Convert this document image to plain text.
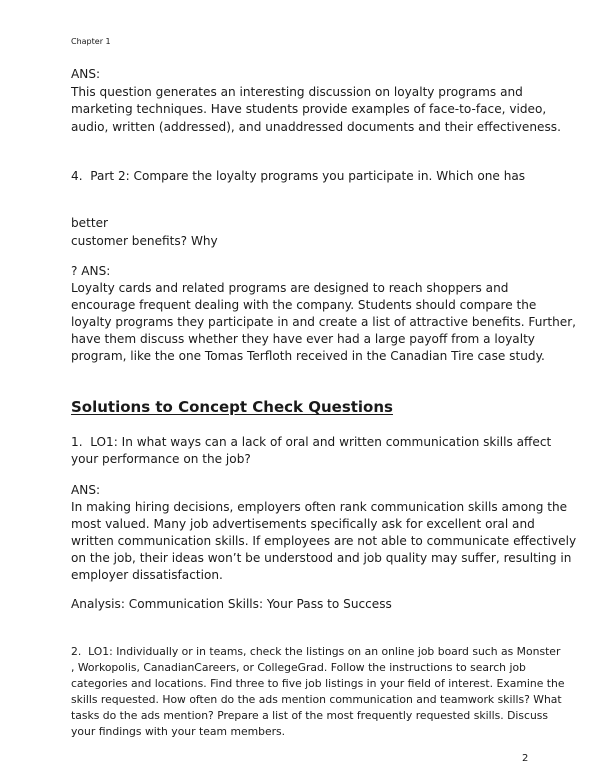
Chapter 1
ANS:
This question generates an interesting discussion on loyalty programs and
marketing techniques. Have students provide examples of face-to-face, video,
audio, written (addressed), and unaddressed documents and their effectiveness.
4.  Part 2: Compare the loyalty programs you participate in. Which one has
better
customer benefits? Why
? ANS:
Loyalty cards and related programs are designed to reach shoppers and
encourage frequent dealing with the company. Students should compare the
loyalty programs they participate in and create a list of attractive benefits. Further,
have them discuss whether they have ever had a large payoff from a loyalty
program, like the one Tomas Terfloth received in the Canadian Tire case study.
Solutions to Concept Check Questions
1.  LO1: In what ways can a lack of oral and written communication skills affect
your performance on the job?
ANS:
In making hiring decisions, employers often rank communication skills among the
most valued. Many job advertisements specifically ask for excellent oral and
written communication skills. If employees are not able to communicate effectively
on the job, their ideas won’t be understood and job quality may suffer, resulting in
employer dissatisfaction.
Analysis: Communication Skills: Your Pass to Success
2.  LO1: Individually or in teams, check the listings on an online job board such as Monster
, Workopolis, CanadianCareers, or CollegeGrad. Follow the instructions to search job
categories and locations. Find three to five job listings in your field of interest. Examine the
skills requested. How often do the ads mention communication and teamwork skills? What
tasks do the ads mention? Prepare a list of the most frequently requested skills. Discuss
your findings with your team members.
2
